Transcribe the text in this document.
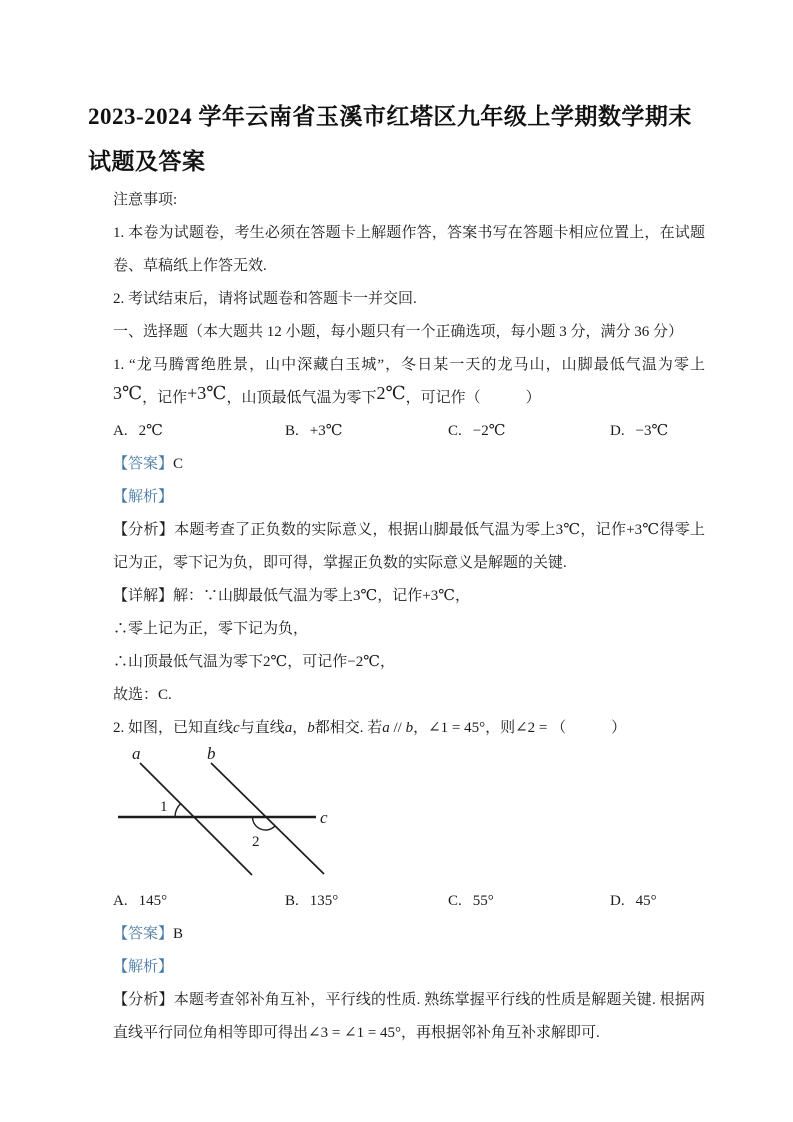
2023-2024 学年云南省玉溪市红塔区九年级上学期数学期末
试题及答案

注意事项:

1. 本卷为试题卷，考生必须在答题卡上解题作答，答案书写在答题卡相应位置上，在试题卷、草稿纸上作答无效.

2. 考试结束后，请将试题卷和答题卡一并交回.

一、选择题（本大题共 12 小题，每小题只有一个正确选项，每小题 3 分，满分 36 分）

1. “龙马腾霄绝胜景，山中深藏白玉城”，冬日某一天的龙马山，山脚最低气温为零上3℃，记作+3℃，山顶最低气温为零下2℃，可记作（　　　）

A. 2℃	B. +3℃	C. −2℃	D. −3℃

【答案】C

【解析】

【分析】本题考查了正负数的实际意义，根据山脚最低气温为零上3℃，记作+3℃得零上记为正，零下记为负，即可得，掌握正负数的实际意义是解题的关键.

【详解】解：∵山脚最低气温为零上3℃，记作+3℃，

∴零上记为正，零下记为负，

∴山顶最低气温为零下2℃，可记作−2℃，

故选：C.

2. 如图，已知直线c与直线a，b都相交. 若a // b，∠1 = 45°，则∠2 = （　　　）

a	b
c
1
2
A. 145°	B. 135°	C. 55°	D. 45°

【答案】B

【解析】

【分析】本题考查邻补角互补，平行线的性质. 熟练掌握平行线的性质是解题关键. 根据两直线平行同位角相等即可得出∠3 = ∠1 = 45°，再根据邻补角互补求解即可.
